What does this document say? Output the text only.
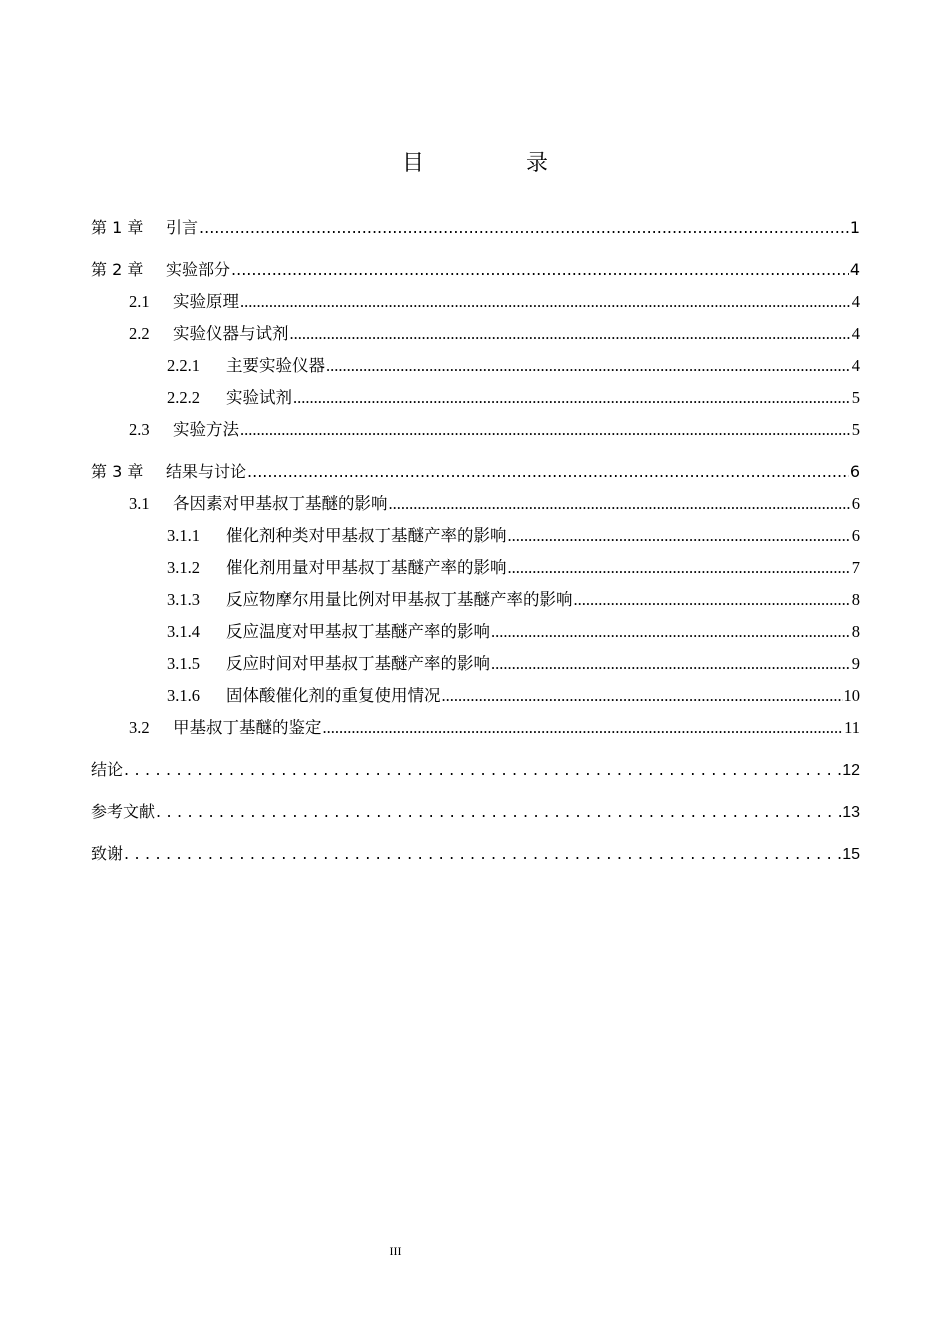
目　录
第 1 章	引言 .....	1
第 2 章	实验部分 .....	4
2.1	实验原理 .....	4
2.2	实验仪器与试剂 .....	4
2.2.1	主要实验仪器 .....	4
2.2.2	实验试剂 .....	5
2.3	实验方法 .....	5
第 3 章	结果与讨论 .....	6
3.1	各因素对甲基叔丁基醚的影响 .....	6
3.1.1	催化剂种类对甲基叔丁基醚产率的影响 .....	6
3.1.2	催化剂用量对甲基叔丁基醚产率的影响 .....	7
3.1.3	反应物摩尔用量比例对甲基叔丁基醚产率的影响 .....	8
3.1.4	反应温度对甲基叔丁基醚产率的影响 .....	8
3.1.5	反应时间对甲基叔丁基醚产率的影响 .....	9
3.1.6	固体酸催化剂的重复使用情况 .....	10
3.2	甲基叔丁基醚的鉴定 .....	11
结论 .....	12
参考文献 .....	13
致谢 .....	15
III
